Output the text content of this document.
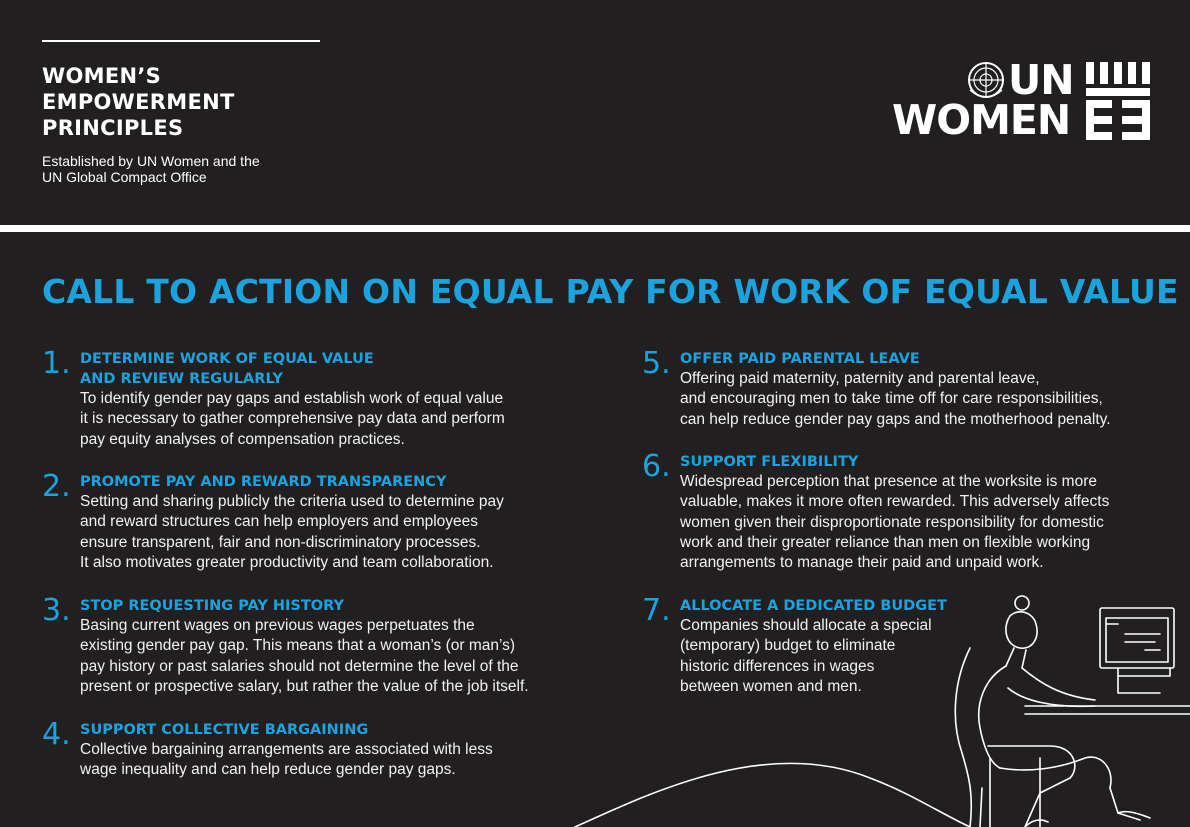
WOMEN’S
EMPOWERMENT
PRINCIPLES

Established by UN Women and the
UN Global Compact Office

UN
WOMEN
CALL TO ACTION ON EQUAL PAY FOR WORK OF EQUAL VALUE
1. DETERMINE WORK OF EQUAL VALUE
AND REVIEW REGULARLY

To identify gender pay gaps and establish work of equal value
it is necessary to gather comprehensive pay data and perform
pay equity analyses of compensation practices.

2. PROMOTE PAY AND REWARD TRANSPARENCY

Setting and sharing publicly the criteria used to determine pay
and reward structures can help employers and employees
ensure transparent, fair and non-discriminatory processes.
It also motivates greater productivity and team collaboration.

3. STOP REQUESTING PAY HISTORY

Basing current wages on previous wages perpetuates the
existing gender pay gap. This means that a woman’s (or man’s)
pay history or past salaries should not determine the level of the
present or prospective salary, but rather the value of the job itself.

4. SUPPORT COLLECTIVE BARGAINING

Collective bargaining arrangements are associated with less
wage inequality and can help reduce gender pay gaps.

5. OFFER PAID PARENTAL LEAVE

Offering paid maternity, paternity and parental leave,
and encouraging men to take time off for care responsibilities,
can help reduce gender pay gaps and the motherhood penalty.

6. SUPPORT FLEXIBILITY

Widespread perception that presence at the worksite is more
valuable, makes it more often rewarded. This adversely affects
women given their disproportionate responsibility for domestic
work and their greater reliance than men on flexible working
arrangements to manage their paid and unpaid work.

7. ALLOCATE A DEDICATED BUDGET

Companies should allocate a special
(temporary) budget to eliminate
historic differences in wages
between women and men.
